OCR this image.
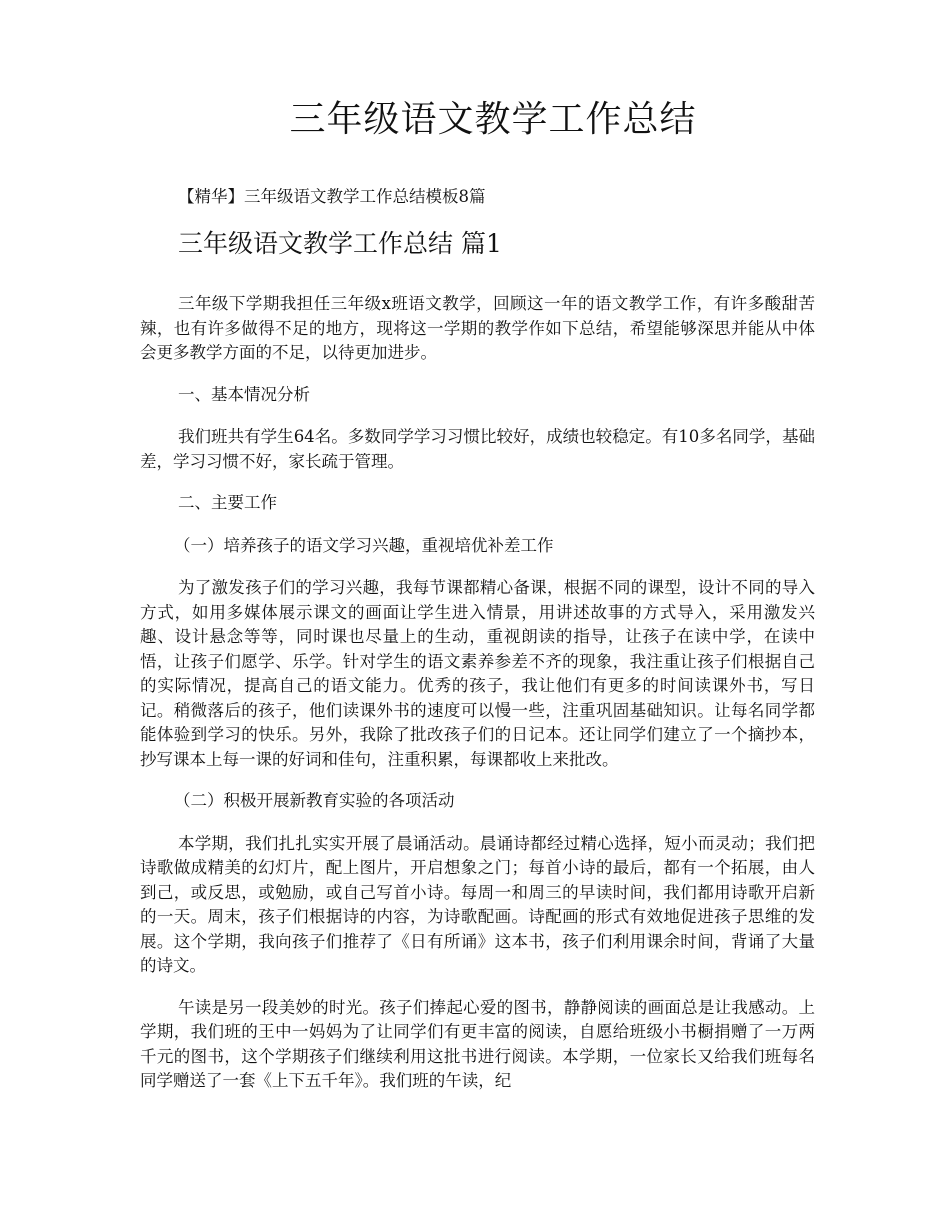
三年级语文教学工作总结

【精华】三年级语文教学工作总结模板8篇

三年级语文教学工作总结 篇1

三年级下学期我担任三年级x班语文教学，回顾这一年的语文教学工作，有许多酸甜苦辣，也有许多做得不足的地方，现将这一学期的教学作如下总结，希望能够深思并能从中体会更多教学方面的不足，以待更加进步。

一、基本情况分析

我们班共有学生64名。多数同学学习习惯比较好，成绩也较稳定。有10多名同学，基础差，学习习惯不好，家长疏于管理。

二、主要工作

（一）培养孩子的语文学习兴趣，重视培优补差工作

为了激发孩子们的学习兴趣，我每节课都精心备课，根据不同的课型，设计不同的导入方式，如用多媒体展示课文的画面让学生进入情景，用讲述故事的方式导入，采用激发兴趣、设计悬念等等，同时课也尽量上的生动，重视朗读的指导，让孩子在读中学，在读中悟，让孩子们愿学、乐学。针对学生的语文素养参差不齐的现象，我注重让孩子们根据自己的实际情况，提高自己的语文能力。优秀的孩子，我让他们有更多的时间读课外书，写日记。稍微落后的孩子，他们读课外书的速度可以慢一些，注重巩固基础知识。让每名同学都能体验到学习的快乐。另外，我除了批改孩子们的日记本。还让同学们建立了一个摘抄本，抄写课本上每一课的好词和佳句，注重积累，每课都收上来批改。

（二）积极开展新教育实验的各项活动

本学期，我们扎扎实实开展了晨诵活动。晨诵诗都经过精心选择，短小而灵动；我们把诗歌做成精美的幻灯片，配上图片，开启想象之门；每首小诗的最后，都有一个拓展，由人到己，或反思，或勉励，或自己写首小诗。每周一和周三的早读时间，我们都用诗歌开启新的一天。周末，孩子们根据诗的内容，为诗歌配画。诗配画的形式有效地促进孩子思维的发展。这个学期，我向孩子们推荐了《日有所诵》这本书，孩子们利用课余时间，背诵了大量的诗文。

午读是另一段美妙的时光。孩子们捧起心爱的图书，静静阅读的画面总是让我感动。上学期，我们班的王中一妈妈为了让同学们有更丰富的阅读，自愿给班级小书橱捐赠了一万两千元的图书，这个学期孩子们继续利用这批书进行阅读。本学期，一位家长又给我们班每名同学赠送了一套《上下五千年》。我们班的午读，纪
